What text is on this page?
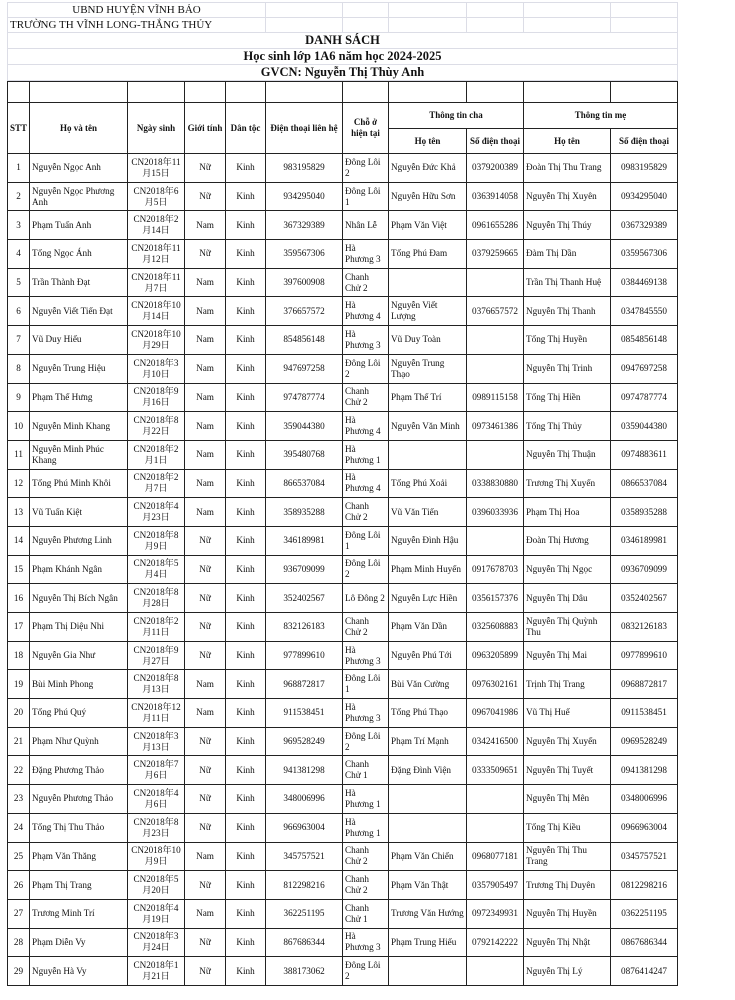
UBND HUYỆN VĨNH BẢO						
TRƯỜNG TH VĨNH LONG-THẮNG THỦY

DANH SÁCH						
Học sinh lớp 1A6 năm học 2024-2025						
GVCN: Nguyễn Thị Thùy Anh						

STT	Họ và tên	Ngày sinh	Giới tính	Dân tộc	Điện thoại liên hệ	Chỗ ở hiện tại	Thông tin cha		Thông tin mẹ	
							Họ tên	Số điện thoại	Họ tên	Số điện thoại
1	Nguyễn Ngọc Anh	CN2018年11月15日	Nữ	Kinh	983195829	Đông Lôi 2	Nguyễn Đức Khả	0379200389	Đoàn Thị Thu Trang	0983195829
2	Nguyễn Ngọc Phương Anh	CN2018年6月5日	Nữ	Kinh	934295040	Đông Lôi 1	Nguyễn Hữu Sơn	0363914058	Nguyễn Thị Xuyên	0934295040
3	Phạm Tuấn Anh	CN2018年2月14日	Nam	Kinh	367329389	Nhân Lễ	Phạm Văn Việt	0961655286	Nguyễn Thị Thúy	0367329389
4	Tống Ngọc Ánh	CN2018年11月12日	Nữ	Kinh	359567306	Hà Phương 3	Tống Phú Đam	0379259665	Đàm Thị Dần	0359567306
5	Trần Thành Đạt	CN2018年11月7日	Nam	Kinh	397600908	Chanh Chử 2			Trần Thị Thanh Huệ	0384469138
6	Nguyễn Viết Tiến Đạt	CN2018年10月14日	Nam	Kinh	376657572	Hà Phương 4	Nguyễn Viết Lượng	0376657572	Nguyễn Thị Thanh	0347845550
7	Vũ Duy Hiếu	CN2018年10月29日	Nam	Kinh	854856148	Hà Phương 3	Vũ Duy Toàn		Tống Thị Huyền	0854856148
8	Nguyễn Trung Hiệu	CN2018年3月10日	Nam	Kinh	947697258	Đông Lôi 2	Nguyễn Trung Thạo		Nguyễn Thị Trinh	0947697258
9	Phạm Thế Hưng	CN2018年9月16日	Nam	Kinh	974787774	Chanh Chử 2	Phạm Thế Trí	0989115158	Tống Thị Hiền	0974787774
10	Nguyễn Minh Khang	CN2018年8月22日	Nam	Kinh	359044380	Hà Phương 4	Nguyễn Văn Minh	0973461386	Tống Thị Thủy	0359044380
11	Nguyễn Minh Phúc Khang	CN2018年2月1日	Nam	Kinh	395480768	Hà Phương 1			Nguyễn Thị Thuận	0974883611
12	Tống Phú Minh Khôi	CN2018年2月7日	Nam	Kinh	866537084	Hà Phương 4	Tống Phú Xoải	0338830880	Trương Thị Xuyến	0866537084
13	Vũ Tuấn Kiệt	CN2018年4月23日	Nam	Kinh	358935288	Chanh Chử 2	Vũ Văn Tiến	0396033936	Phạm Thị Hoa	0358935288
14	Nguyễn Phương Linh	CN2018年8月9日	Nữ	Kinh	346189981	Đông Lôi 1	Nguyễn Đình Hậu		Đoàn Thị Hương	0346189981
15	Phạm Khánh Ngân	CN2018年5月4日	Nữ	Kinh	936709099	Đông Lôi 2	Phạm Minh Huyến	0917678703	Nguyễn Thị Ngọc	0936709099
16	Nguyễn Thị Bích Ngân	CN2018年8月28日	Nữ	Kinh	352402567	Lô Đông 2	Nguyễn Lực Hiền	0356157376	Nguyễn Thị Dâu	0352402567
17	Phạm Thị Diệu Nhi	CN2018年2月11日	Nữ	Kinh	832126183	Chanh Chử 2	Phạm Văn Dần	0325608883	Nguyễn Thị Quỳnh Thu	0832126183
18	Nguyễn Gia Như	CN2018年9月27日	Nữ	Kinh	977899610	Hà Phương 3	Nguyễn Phú Tới	0963205899	Nguyễn Thị Mai	0977899610
19	Bùi Minh Phong	CN2018年8月13日	Nam	Kinh	968872817	Đông Lôi 1	Bùi Văn Cường	0976302161	Trịnh Thị Trang	0968872817
20	Tống Phú Quý	CN2018年12月11日	Nam	Kinh	911538451	Hà Phương 3	Tống Phú Thạo	0967041986	Vũ Thị Huế	0911538451
21	Phạm Như Quỳnh	CN2018年3月13日	Nữ	Kinh	969528249	Đông Lôi 2	Phạm Trí Mạnh	0342416500	Nguyễn Thị Xuyến	0969528249
22	Đặng Phương Thảo	CN2018年7月6日	Nữ	Kinh	941381298	Chanh Chử 1	Đặng Đình Viện	0333509651	Nguyễn Thị Tuyết	0941381298
23	Nguyễn Phương Thảo	CN2018年4月6日	Nữ	Kinh	348006996	Hà Phương 1			Nguyễn Thị Mên	0348006996
24	Tống Thị Thu Thảo	CN2018年8月23日	Nữ	Kinh	966963004	Hà Phương 1			Tống Thị Kiều	0966963004
25	Phạm Văn Thăng	CN2018年10月9日	Nam	Kinh	345757521	Chanh Chử 2	Phạm Văn Chiến	0968077181	Nguyễn Thị Thu Trang	0345757521
26	Phạm Thị Trang	CN2018年5月20日	Nữ	Kinh	812298216	Chanh Chử 2	Phạm Văn Thật	0357905497	Trương Thị Duyên	0812298216
27	Trương Minh Trí	CN2018年4月19日	Nam	Kinh	362251195	Chanh Chử 1	Trương Văn Hướng	0972349931	Nguyễn Thị Huyền	0362251195
28	Phạm Diễn Vy	CN2018年3月24日	Nữ	Kinh	867686344	Hà Phương 3	Phạm Trung Hiếu	0792142222	Nguyễn Thị Nhật	0867686344
29	Nguyễn Hà Vy	CN2018年1月21日	Nữ	Kinh	388173062	Đông Lôi 2			Nguyễn Thị Lý	0876414247
